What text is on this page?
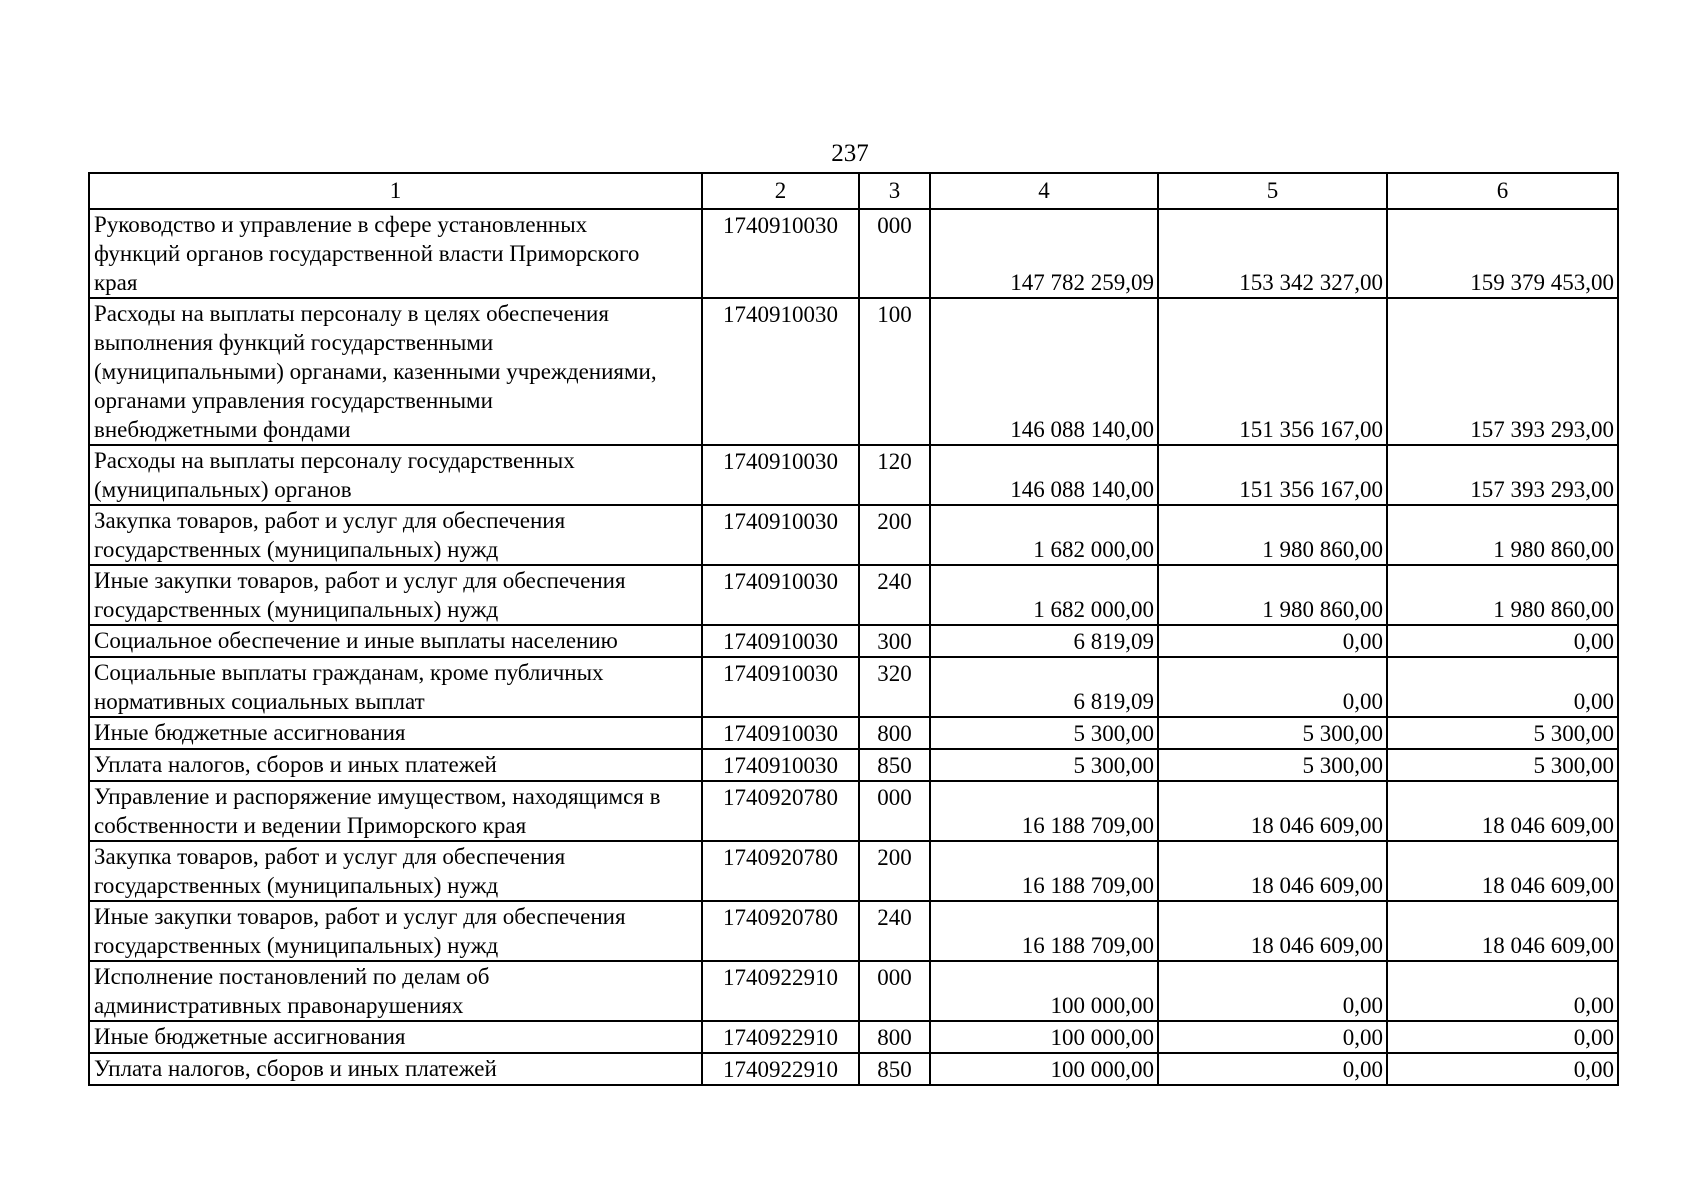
237
1	2	3	4	5	6

Руководство и управление в сфере установленных
функций органов государственной власти Приморского
края	1740910030	000	147 782 259,09	153 342 327,00	159 379 453,00

Расходы на выплаты персоналу в целях обеспечения
выполнения функций государственными
(муниципальными) органами, казенными учреждениями,
органами управления государственными
внебюджетными фондами	1740910030	100	146 088 140,00	151 356 167,00	157 393 293,00

Расходы на выплаты персоналу государственных
(муниципальных) органов	1740910030	120	146 088 140,00	151 356 167,00	157 393 293,00

Закупка товаров, работ и услуг для обеспечения
государственных (муниципальных) нужд	1740910030	200	1 682 000,00	1 980 860,00	1 980 860,00

Иные закупки товаров, работ и услуг для обеспечения
государственных (муниципальных) нужд	1740910030	240	1 682 000,00	1 980 860,00	1 980 860,00

Социальное обеспечение и иные выплаты населению	1740910030	300	6 819,09	0,00	0,00

Социальные выплаты гражданам, кроме публичных
нормативных социальных выплат	1740910030	320	6 819,09	0,00	0,00

Иные бюджетные ассигнования	1740910030	800	5 300,00	5 300,00	5 300,00

Уплата налогов, сборов и иных платежей	1740910030	850	5 300,00	5 300,00	5 300,00

Управление и распоряжение имуществом, находящимся в
собственности и ведении Приморского края	1740920780	000	16 188 709,00	18 046 609,00	18 046 609,00

Закупка товаров, работ и услуг для обеспечения
государственных (муниципальных) нужд	1740920780	200	16 188 709,00	18 046 609,00	18 046 609,00

Иные закупки товаров, работ и услуг для обеспечения
государственных (муниципальных) нужд	1740920780	240	16 188 709,00	18 046 609,00	18 046 609,00

Исполнение постановлений по делам об
административных правонарушениях	1740922910	000	100 000,00	0,00	0,00

Иные бюджетные ассигнования	1740922910	800	100 000,00	0,00	0,00

Уплата налогов, сборов и иных платежей	1740922910	850	100 000,00	0,00	0,00
